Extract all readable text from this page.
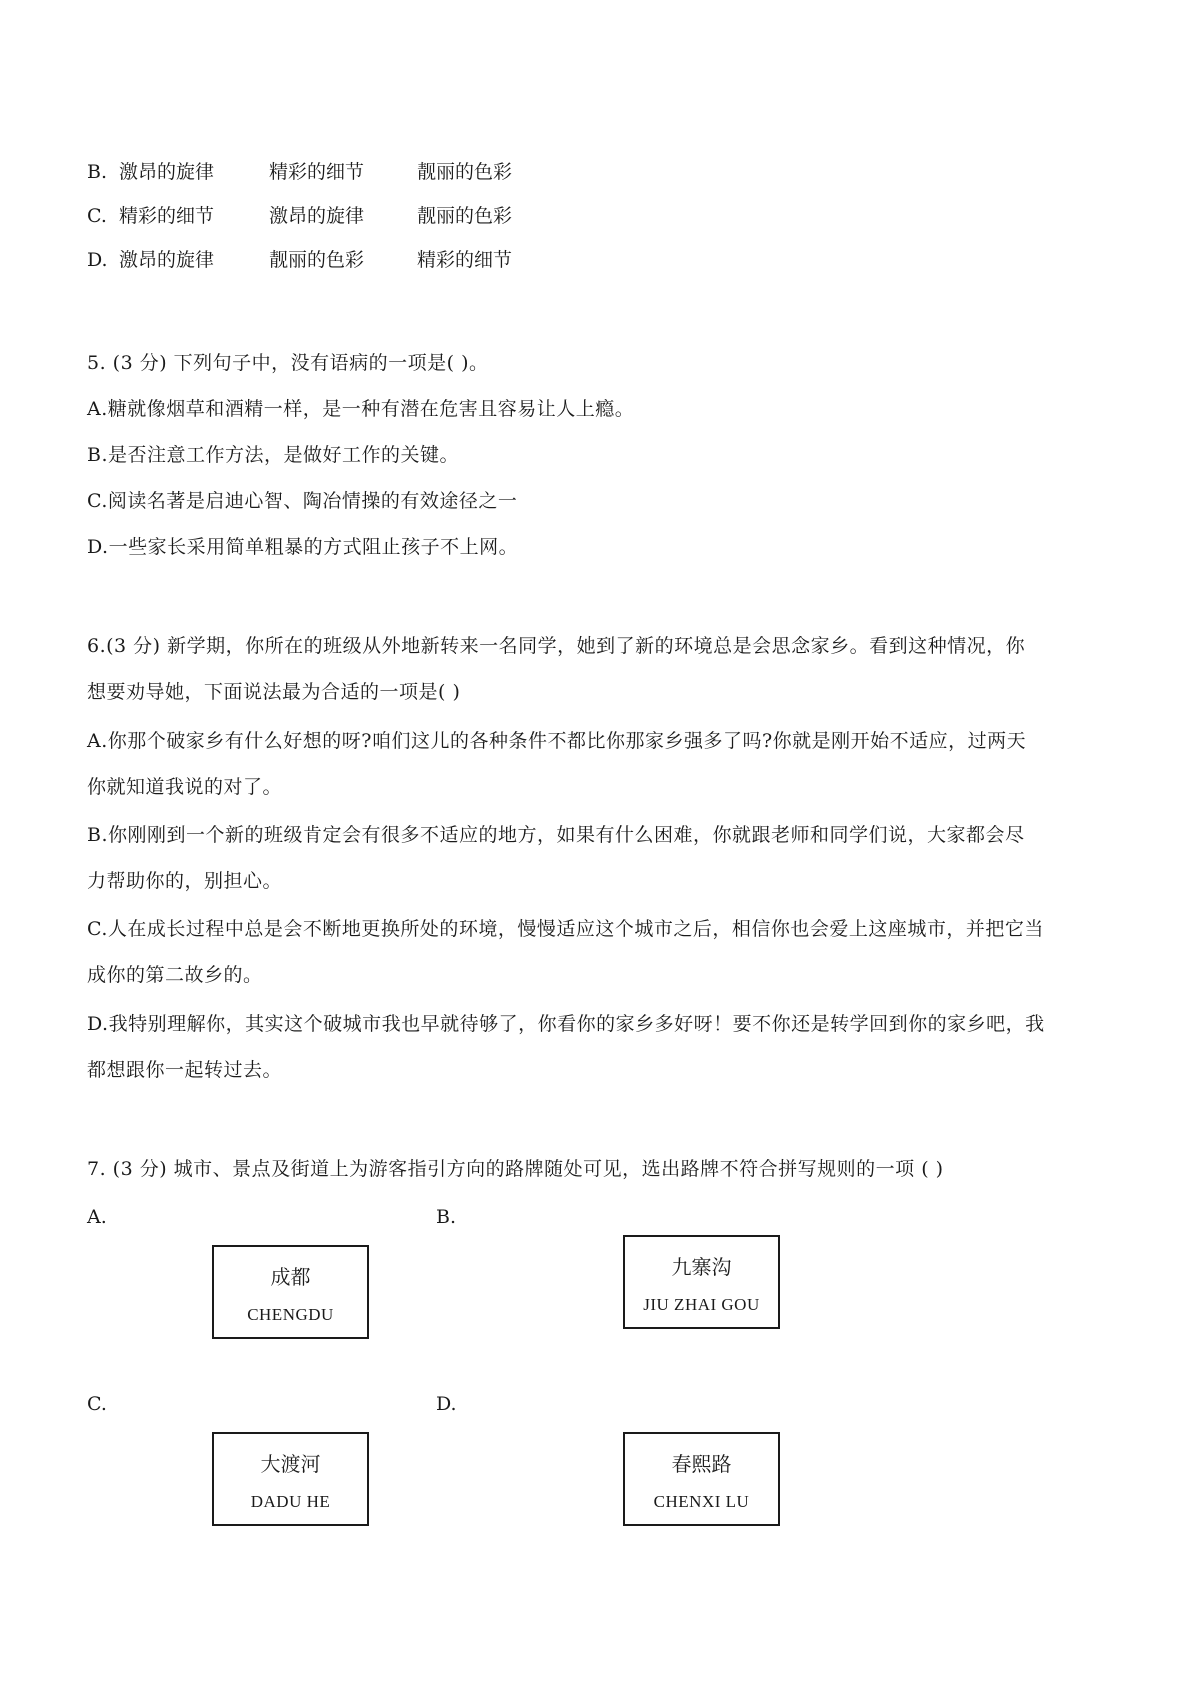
B. 激昂的旋律	精彩的细节	靓丽的色彩
C. 精彩的细节	激昂的旋律	靓丽的色彩
D. 激昂的旋律	靓丽的色彩	精彩的细节
5. (3 分) 下列句子中，没有语病的一项是( )。
A.糖就像烟草和酒精一样，是一种有潜在危害且容易让人上瘾。
B.是否注意工作方法，是做好工作的关键。
C.阅读名著是启迪心智、陶冶情操的有效途径之一
D.一些家长采用简单粗暴的方式阻止孩子不上网。
6.(3 分) 新学期，你所在的班级从外地新转来一名同学，她到了新的环境总是会思念家乡。看到这种情况，你
想要劝导她，下面说法最为合适的一项是( )
A.你那个破家乡有什么好想的呀?咱们这儿的各种条件不都比你那家乡强多了吗?你就是刚开始不适应，过两天
你就知道我说的对了。
B.你刚刚到一个新的班级肯定会有很多不适应的地方，如果有什么困难，你就跟老师和同学们说，大家都会尽
力帮助你的，别担心。
C.人在成长过程中总是会不断地更换所处的环境，慢慢适应这个城市之后，相信你也会爱上这座城市，并把它当
成你的第二故乡的。
D.我特别理解你，其实这个破城市我也早就待够了，你看你的家乡多好呀！要不你还是转学回到你的家乡吧，我
都想跟你一起转过去。
7. (3 分) 城市、景点及街道上为游客指引方向的路牌随处可见，选出路牌不符合拼写规则的一项 ( )
A.
成都
CHENGDU
B.
九寨沟
JIU ZHAI GOU
C.
大渡河
DADU HE
D.
春熙路
CHENXI LU
